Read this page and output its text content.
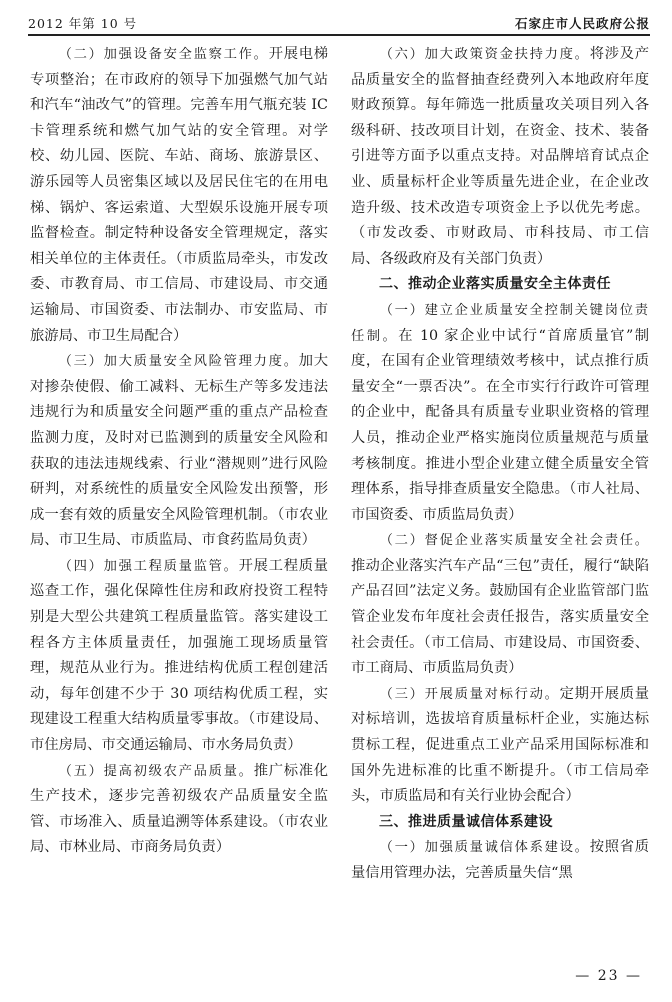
2012 年第 10 号	石家庄市人民政府公报

（二）加强设备安全监察工作。开展电梯专项整治；在市政府的领导下加强燃气加气站和汽车“油改气”的管理。完善车用气瓶充装 IC 卡管理系统和燃气加气站的安全管理。对学校、幼儿园、医院、车站、商场、旅游景区、游乐园等人员密集区域以及居民住宅的在用电梯、锅炉、客运索道、大型娱乐设施开展专项监督检查。制定特种设备安全管理规定，落实相关单位的主体责任。（市质监局牵头，市发改委、市教育局、市工信局、市建设局、市交通运输局、市国资委、市法制办、市安监局、市旅游局、市卫生局配合）

（三）加大质量安全风险管理力度。加大对掺杂使假、偷工减料、无标生产等多发违法违规行为和质量安全问题严重的重点产品检查监测力度，及时对已监测到的质量安全风险和获取的违法违规线索、行业“潜规则”进行风险研判，对系统性的质量安全风险发出预警，形成一套有效的质量安全风险管理机制。（市农业局、市卫生局、市质监局、市食药监局负责）

（四）加强工程质量监管。开展工程质量巡查工作，强化保障性住房和政府投资工程特别是大型公共建筑工程质量监管。落实建设工程各方主体质量责任，加强施工现场质量管理，规范从业行为。推进结构优质工程创建活动，每年创建不少于 30 项结构优质工程，实现建设工程重大结构质量零事故。（市建设局、市住房局、市交通运输局、市水务局负责）

（五）提高初级农产品质量。推广标准化生产技术，逐步完善初级农产品质量安全监管、市场准入、质量追溯等体系建设。（市农业局、市林业局、市商务局负责）

（六）加大政策资金扶持力度。将涉及产品质量安全的监督抽查经费列入本地政府年度财政预算。每年筛选一批质量攻关项目列入各级科研、技改项目计划，在资金、技术、装备引进等方面予以重点支持。对品牌培育试点企业、质量标杆企业等质量先进企业，在企业改造升级、技术改造专项资金上予以优先考虑。（市发改委、市财政局、市科技局、市工信局、各级政府及有关部门负责）

二、推动企业落实质量安全主体责任

（一）建立企业质量安全控制关键岗位责任制。在 10 家企业中试行“首席质量官”制度，在国有企业管理绩效考核中，试点推行质量安全“一票否决”。在全市实行行政许可管理的企业中，配备具有质量专业职业资格的管理人员，推动企业严格实施岗位质量规范与质量考核制度。推进小型企业建立健全质量安全管理体系，指导排查质量安全隐患。（市人社局、市国资委、市质监局负责）

（二）督促企业落实质量安全社会责任。推动企业落实汽车产品“三包”责任，履行“缺陷产品召回”法定义务。鼓励国有企业监管部门监管企业发布年度社会责任报告，落实质量安全社会责任。（市工信局、市建设局、市国资委、市工商局、市质监局负责）

（三）开展质量对标行动。定期开展质量对标培训，选拔培育质量标杆企业，实施达标贯标工程，促进重点工业产品采用国际标准和国外先进标准的比重不断提升。（市工信局牵头，市质监局和有关行业协会配合）

三、推进质量诚信体系建设

（一）加强质量诚信体系建设。按照省质量信用管理办法，完善质量失信“黑

— 23 —
